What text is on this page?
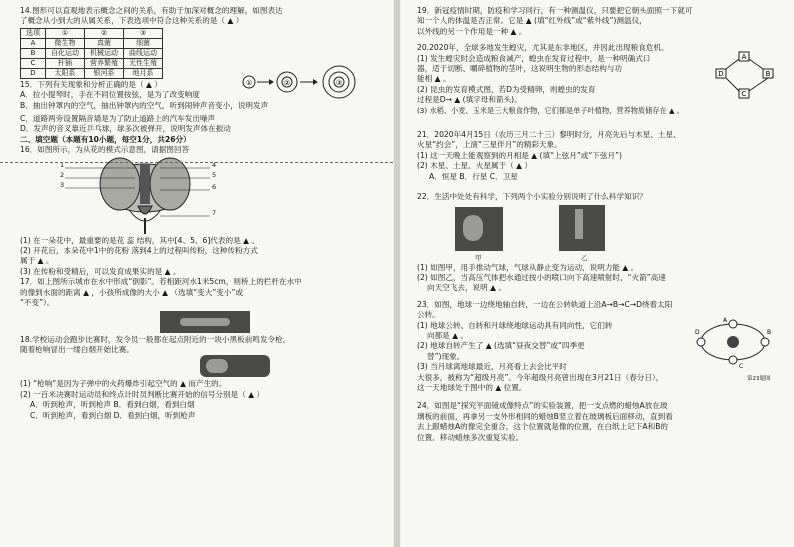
14.图形可以直观地表示概念之间的关系，有助于加深对概念的理解，如图表达

了概念从小到大的从属关系，下表选项中符合这种关系的是（ ▲ ）

选项	①	②	③
A	微生物	真菌	细菌
B	自化运动	机械运动	曲线运动
C	杆插	营养繁殖	无性生殖
D	太阳系	银河系	地月系
①	②	③

15．下列有关现象和分析正确的是（ ▲ ）

A．拉小提琴时，手在不同位置按弦，是为了改变响度

B．抽出钟罩内的空气，抽出钟罩内的空气，听到闹钟声音变小，说明发声

C．道路两旁设置隔音墙是为了防止道路上的汽车发出噪声

D．发声的音叉靠近乒乓球，球多次被弹开，说明发声体在振动

二、填空题（本题有10小题，每空1分，共26分）

16．如图所示，为从花的模式示意图，请据图回答

1
2
3
4
5
6
7

(1) 在一朵花中，最重要的是花 蕊 结构，其中[4、5、6]代表的是 ▲ 。

(2) 开花后，本朵花中1中的花粉 落到4上的过程叫传粉，这种传粉方式

属于 ▲ 。

(3) 在传粉和受精后，可以发育成果实的是 ▲ 。

17．如上图所示城市在水中形成“倒影”。若相距河水1米5cm，则桥上的栏杆在水中

的像到水面的距离 ▲ ，小孩所成像的大小 ▲ （选填“变大”变小”或

“不变”）。

18.学校运动会跑步比赛时，发令员一般都在起点附近的一块小黑板前鸣发令枪，

随着枪响冒出一缕白烟开始比赛。

(1) “枪响”是因为子弹中的火药爆炸引起空气的 ▲ 而产生的。

(2) 一百米决赛时运动员和终点计时员判断比赛开始的信号分别是（ ▲ ）

A．听到枪声，听到枪声 B．看到白烟，看到白烟

C．听到枪声，看到白烟 D．看到白烟，听到枪声

19．新冠疫情时期，防疫和学习同行，有一种测温仪，只要把它朝头面照一下就可

知一个人的体温是否正常。它是 ▲ (填“红外线”或“紫外线”)测温仪，

以外线的另一个作用是一种 ▲ 。

20.2020年，全球多地发生蝗灾，尤其是东非地区，并因此出现粮食危机。

(1) 发生蝗灾时会造成粮食减产，蝗虫在发育过程中，是一种明确式口

器，适于切断、嚼碎植物的茎叶，这说明生物的形态结构与功

能相 ▲ 。

(2) 昆虫的发育模式图，若D为受精卵，则蝗虫的发育

过程是D→ ▲ (填字母和箭头)。

(3) 水稻、小麦、玉米是三大粮食作物，它们都是单子叶植物，营养物质储存在 ▲ 。

A
B
C
D

21．2020年4月15日（农历三月二十三）黎明时分，月亮先后与木星、土星、

火星“约会”，上演“三星伴月”的精彩天象。

(1) 这一天晚上能观察到的月相是 ▲ (填“上弦月”或“下弦月”)

(2) 木星、土星、火星属于（ ▲ ）

A．恒星 B．行星 C．卫星

22．生活中处处有科学，下列两个小实验分别说明了什么科学知识？

甲	乙

(1) 如图甲，用手推动气球，气球从静止变为运动，说明力能 ▲ 。

(2) 如图乙，当高压气体把水通过按小的喷口向下高速喷射时，“火箭”高速

向天空飞去，说明 ▲ 。

23．如图，地球一边绕地轴自转，一边在公转轨道上沿A→B→C→D绕着太阳

公转。

(1) 地球公转、自转和月球绕地球运动具有同向性，它们转

向都是 ▲ 。

(2) 地球自转产生了 ▲ (选填“昼夜交替”或“四季更

替”)现象。

(3) 当月球离地球最近，月亮看上去会比平时

大很多，被称为“超级月亮”。今年超级月亮曾出现在3月21日（春分日），

这一天地球处于图中的 ▲ 位置。

A
B
C
D
第23题图

24．如图是“探究平面镜成像特点”的实验装置，把一支点燃的蜡烛A放在玻

璃板的前面，再拿另一支外形相同的蜡烛B竖立着在玻璃板后面移动，直到看

去上跟蜡烛A的像完全重合，这个位置就是像的位置，在白纸上记下A和B的

位置。移动蜡烛多次重复实验。
